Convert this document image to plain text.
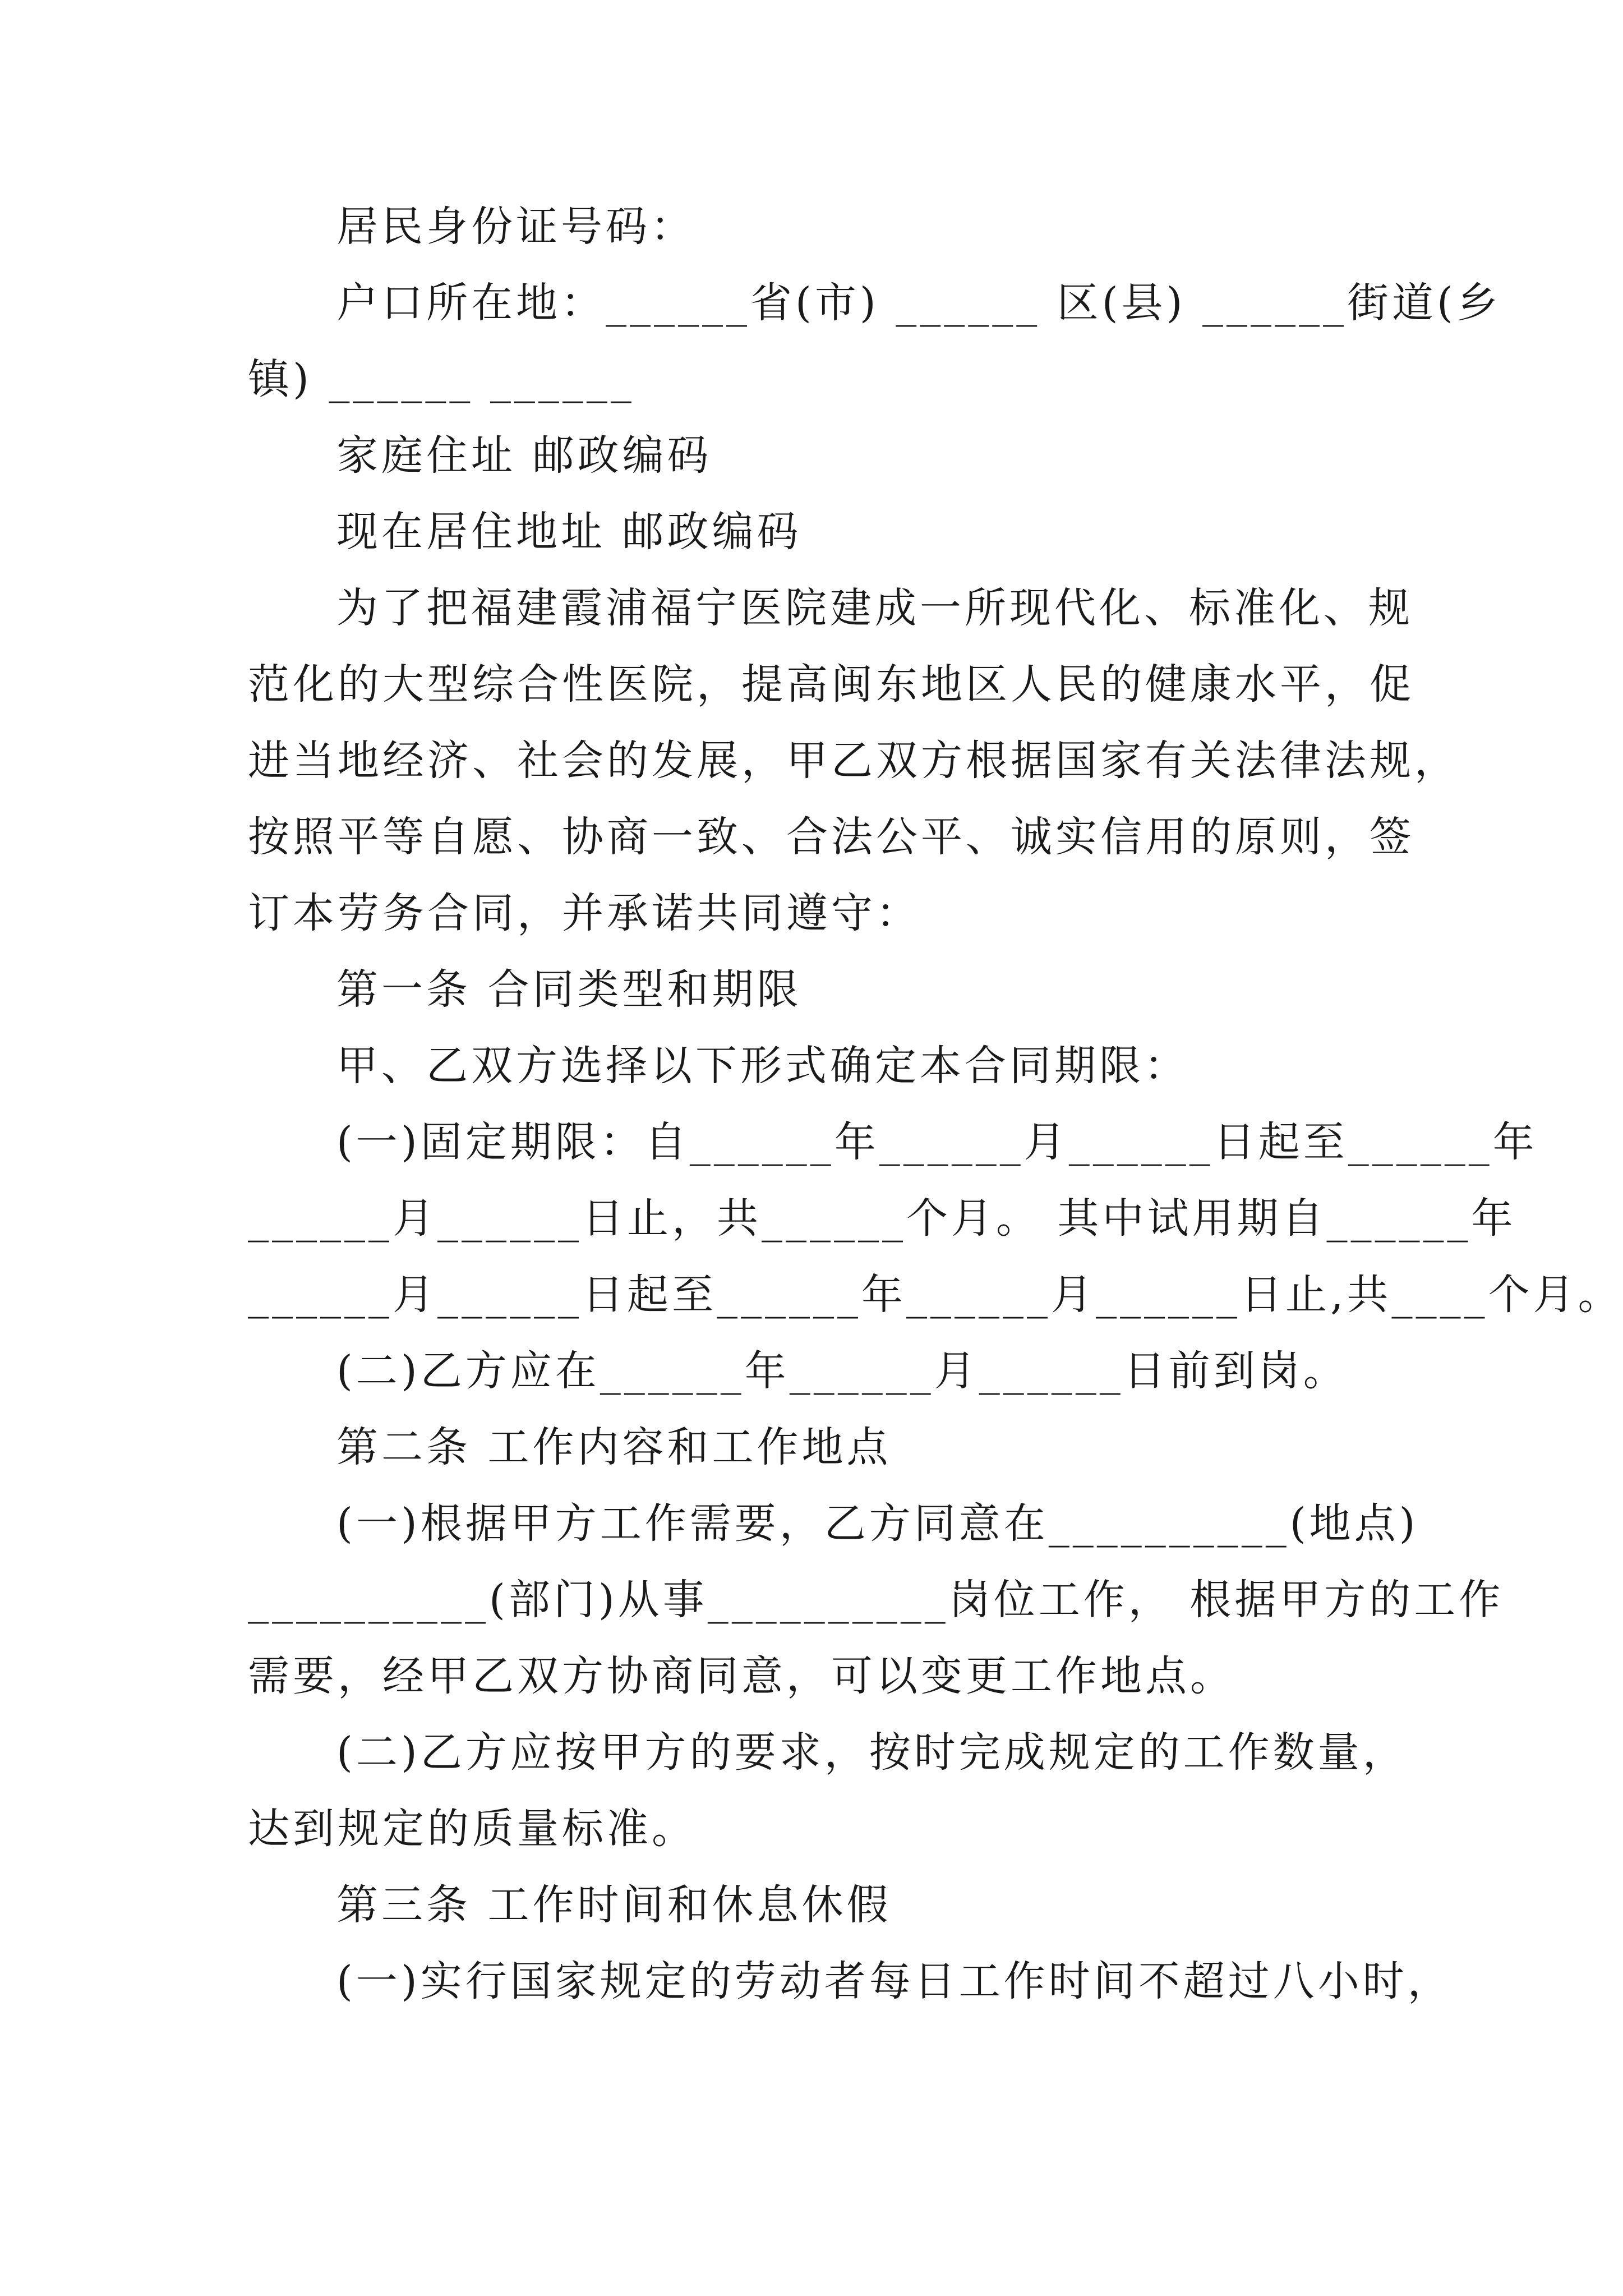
居民身份证号码：
户口所在地：______省(市) ______ 区(县) ______街道(乡
镇) ______ ______
家庭住址 邮政编码
现在居住地址 邮政编码
为了把福建霞浦福宁医院建成一所现代化、标准化、规
范化的大型综合性医院，提高闽东地区人民的健康水平，促
进当地经济、社会的发展，甲乙双方根据国家有关法律法规，
按照平等自愿、协商一致、合法公平、诚实信用的原则，签
订本劳务合同，并承诺共同遵守：
第一条 合同类型和期限
甲、乙双方选择以下形式确定本合同期限：
(一)固定期限：自______年______月______日起至______年
______月______日止，共______个月。 其中试用期自______年
______月______日起至______年______月______日止,共____个月。
(二)乙方应在______年______月______日前到岗。
第二条 工作内容和工作地点
(一)根据甲方工作需要，乙方同意在__________(地点)
__________(部门)从事__________岗位工作， 根据甲方的工作
需要，经甲乙双方协商同意，可以变更工作地点。
(二)乙方应按甲方的要求，按时完成规定的工作数量，
达到规定的质量标准。
第三条 工作时间和休息休假
(一)实行国家规定的劳动者每日工作时间不超过八小时，
